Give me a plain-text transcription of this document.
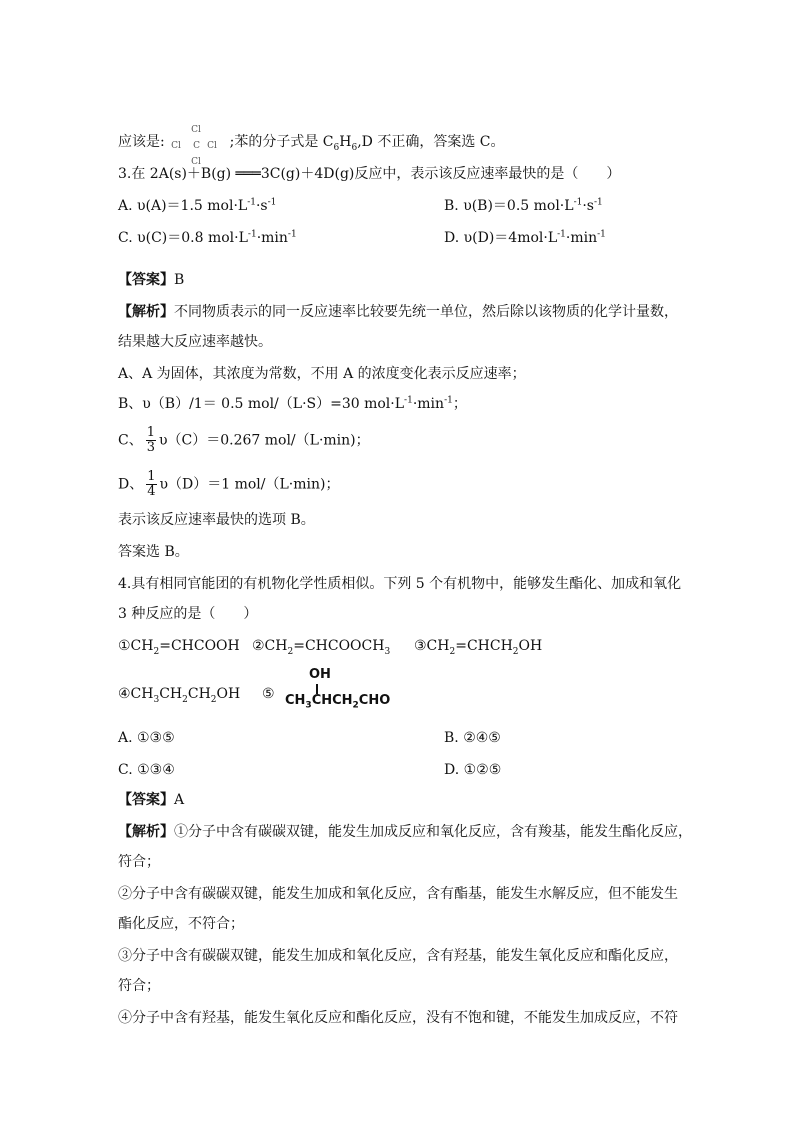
应该是:
Cl
Cl C Cl
Cl
;苯的分子式是 $C_6H_6,D$ 不正确，答案选 C。
3.在 2A(s)＋B(g) ═══3C(g)＋4D(g)反应中，表示该反应速率最快的是（　　）
A. υ(A)＝1.5 $mol\cdot L^{-1}\cdot s^{-1}$	B. υ(B)＝0.5 $mol\cdot L^{-1}\cdot s^{-1}$
C. υ(C)＝0.8 $mol\cdot L^{-1}\cdot\min^{-1}$	D. $\upsilon(D)=4mol\cdot L^{-1}\cdot\min^{-1}$
【答案】B
【解析】不同物质表示的同一反应速率比较要先统一单位，然后除以该物质的化学计量数，
结果越大反应速率越快。
A、A 为固体，其浓度为常数，不用 A 的浓度变化表示反应速率；
B、υ（B）/1＝ 0.5 mol/（L·S）=30 $mol\cdot L^{-1}\cdot\min^{-1}$；
C、 $\frac{1}{3} \upsilon(C)=0.267$ mol/（L·min)；
D、 $\frac{1}{4} \upsilon(D)=1$ mol/（L·min)；
表示该反应速率最快的选项 B。
答案选 B。
4.具有相同官能团的有机物化学性质相似。下列 5 个有机物中，能够发生酯化、加成和氧化
3 种反应的是（　　）
$①CH_2=CHCOOH$ $②CH_2=CHCOOCH_3$ $③CH_2=CHCH_2OH$
$④CH_3CH_2CH_2OH$ ⑤
OH
$CH_3CHCH_2CHO$
A. ①③⑤	B. ②④⑤
C. ①③④	D. ①②⑤
【答案】A
【解析】①分子中含有碳碳双键，能发生加成反应和氧化反应，含有羧基，能发生酯化反应，
符合；
②分子中含有碳碳双键，能发生加成和氧化反应，含有酯基，能发生水解反应，但不能发生
酯化反应，不符合；
③分子中含有碳碳双键，能发生加成和氧化反应，含有羟基，能发生氧化反应和酯化反应，
符合；
④分子中含有羟基，能发生氧化反应和酯化反应，没有不饱和键，不能发生加成反应，不符
